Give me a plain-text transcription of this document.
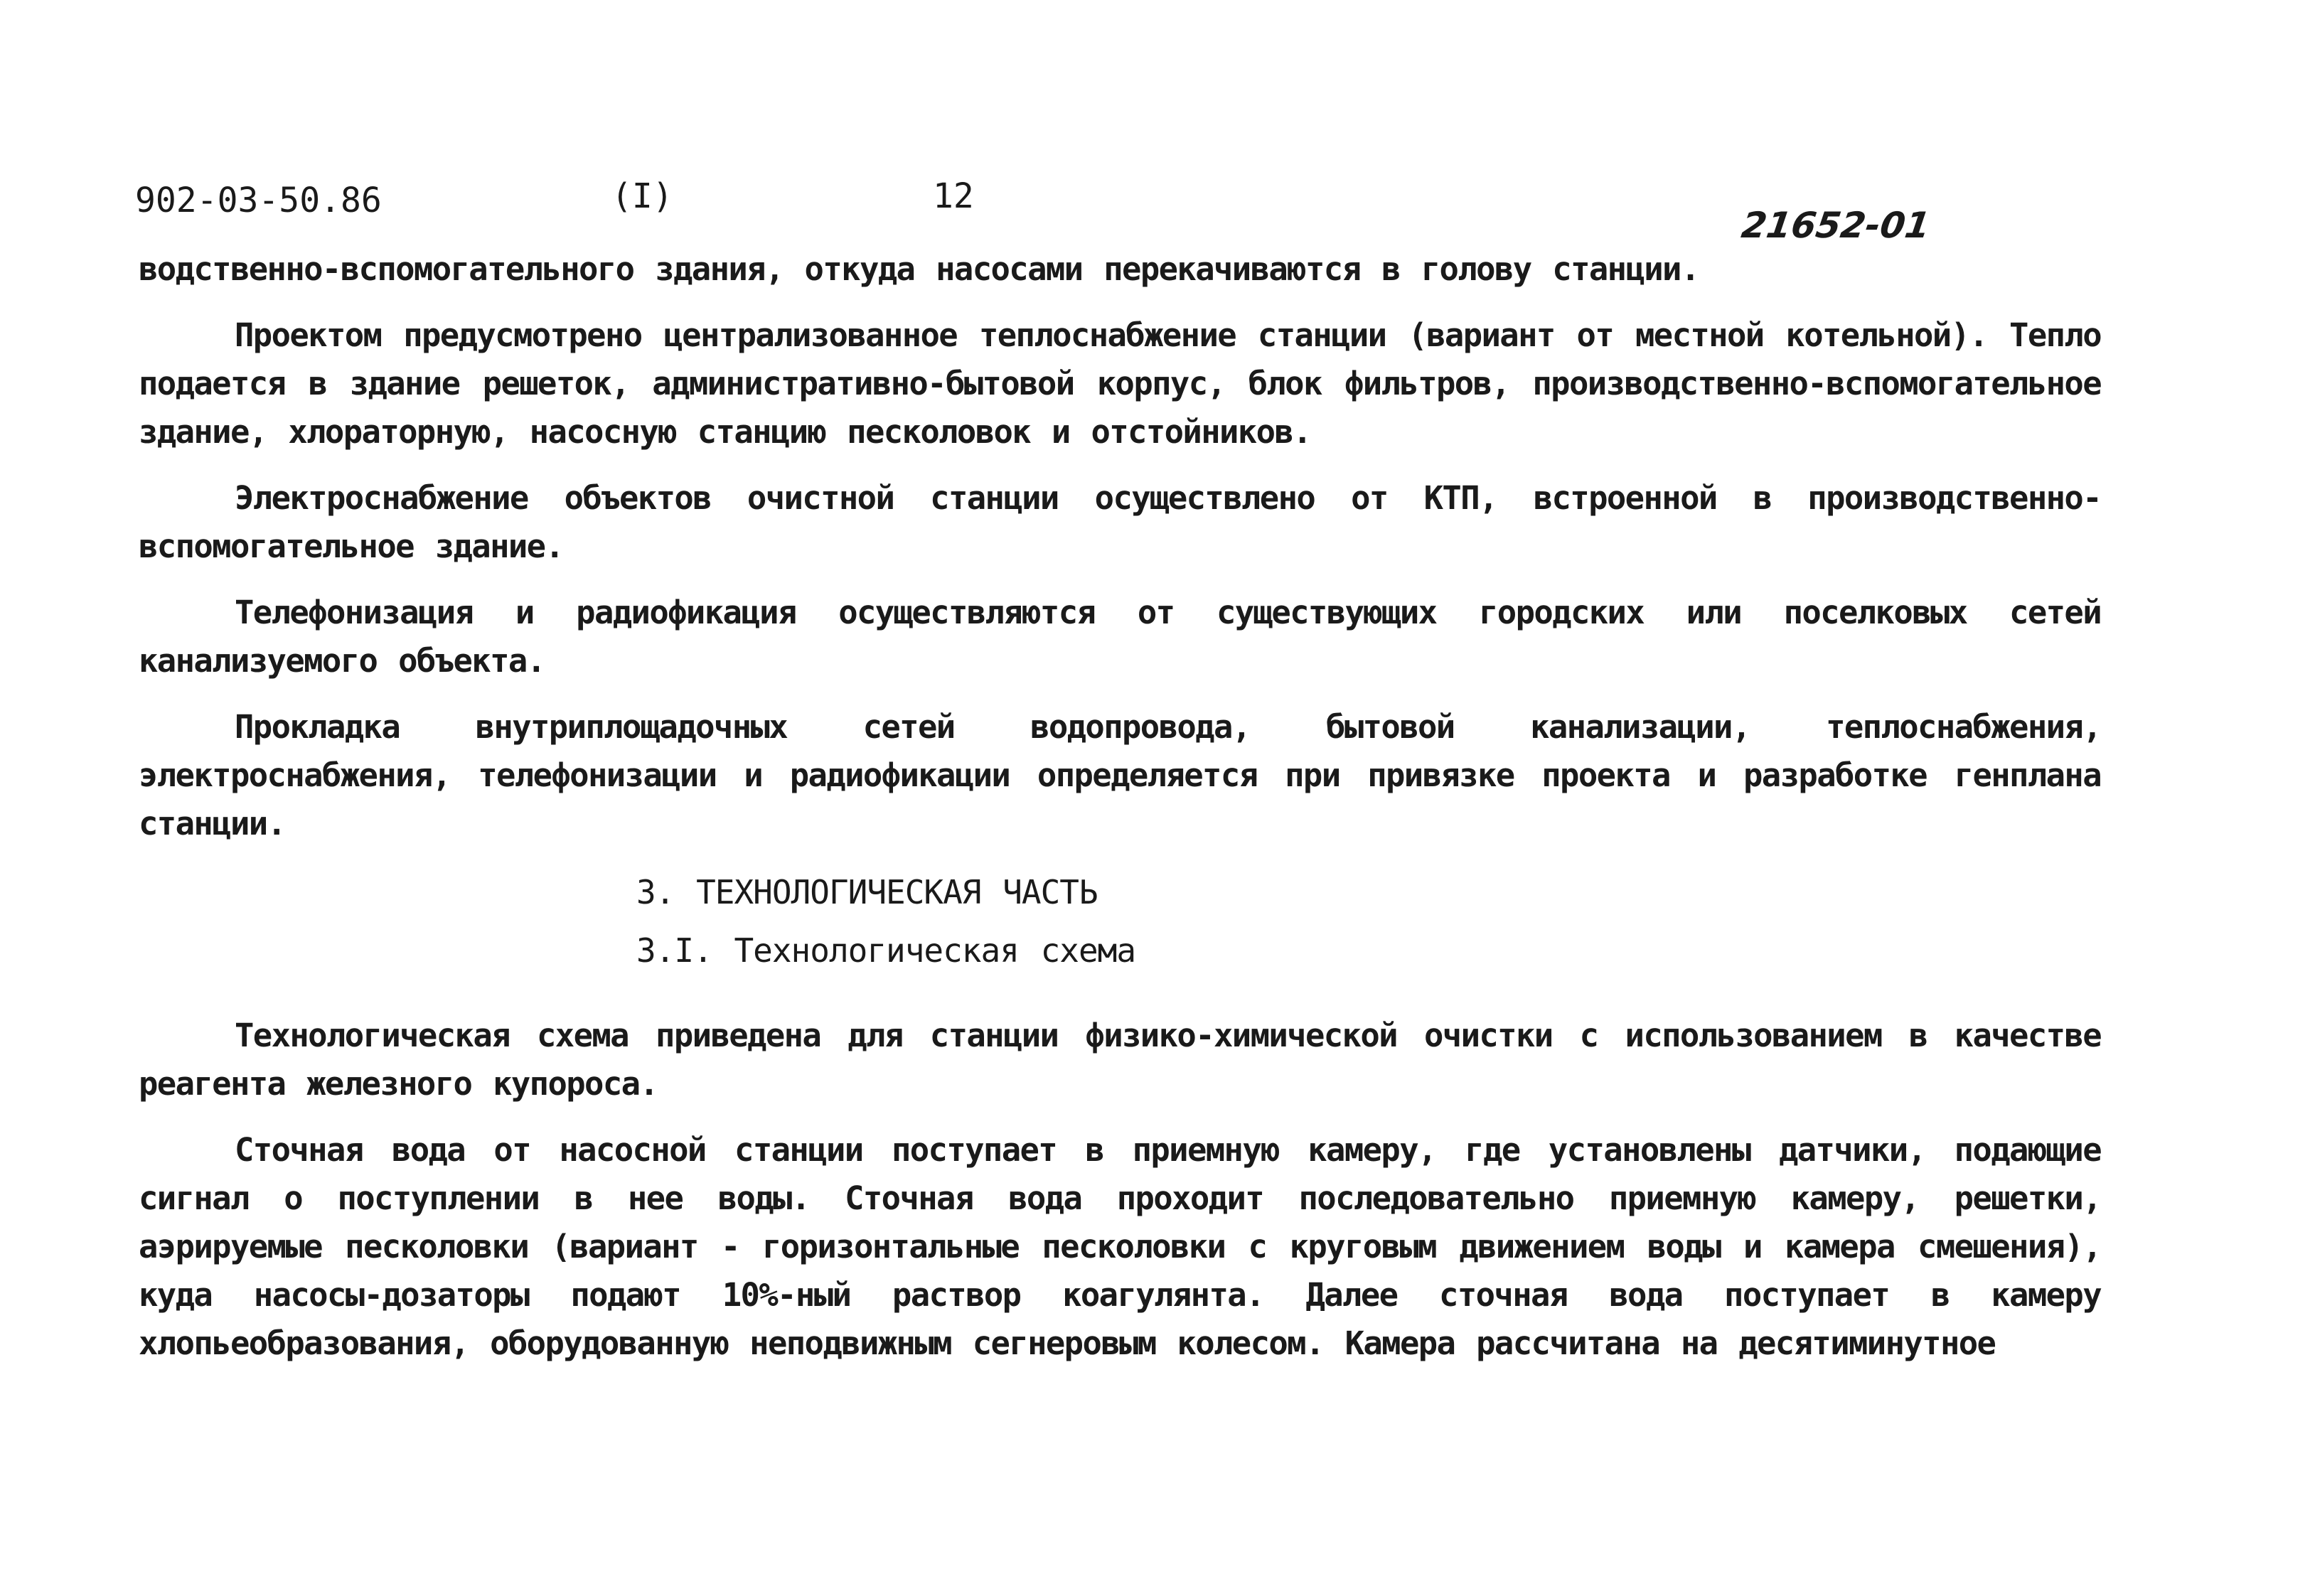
902-03-50.86	(I)	12
21652-01

водственно-вспомогательного здания, откуда насосами перекачиваются в голову станции.

Проектом предусмотрено централизованное теплоснабжение станции (вариант от местной котельной). Тепло подается в здание решеток, административно-бытовой корпус, блок фильтров, производственно-вспомогательное здание, хлораторную, насосную станцию песколовок и отстойников.

Электроснабжение объектов очистной станции осуществлено от КТП, встроенной в производственно-вспомогательное здание.

Телефонизация и радиофикация осуществляются от существующих городских или поселковых сетей канализуемого объекта.

Прокладка внутриплощадочных сетей водопровода, бытовой канализации, теплоснабжения, электроснабжения, телефонизации и радиофикации определяется при привязке проекта и разработке генплана станции.

3. ТЕХНОЛОГИЧЕСКАЯ ЧАСТЬ
3.I. Технологическая схема

Технологическая схема приведена для станции физико-химической очистки с использованием в качестве реагента железного купороса.

Сточная вода от насосной станции поступает в приемную камеру, где установлены датчики, подающие сигнал о поступлении в нее воды. Сточная вода проходит последовательно приемную камеру, решетки, аэрируемые песколовки (вариант - горизонтальные песколовки с круговым движением воды и камера смешения), куда насосы-дозаторы подают 10%-ный раствор коагулянта. Далее сточная вода поступает в камеру хлопьеобразования, оборудованную неподвижным сегнеровым колесом. Камера рассчитана на десятиминутное
